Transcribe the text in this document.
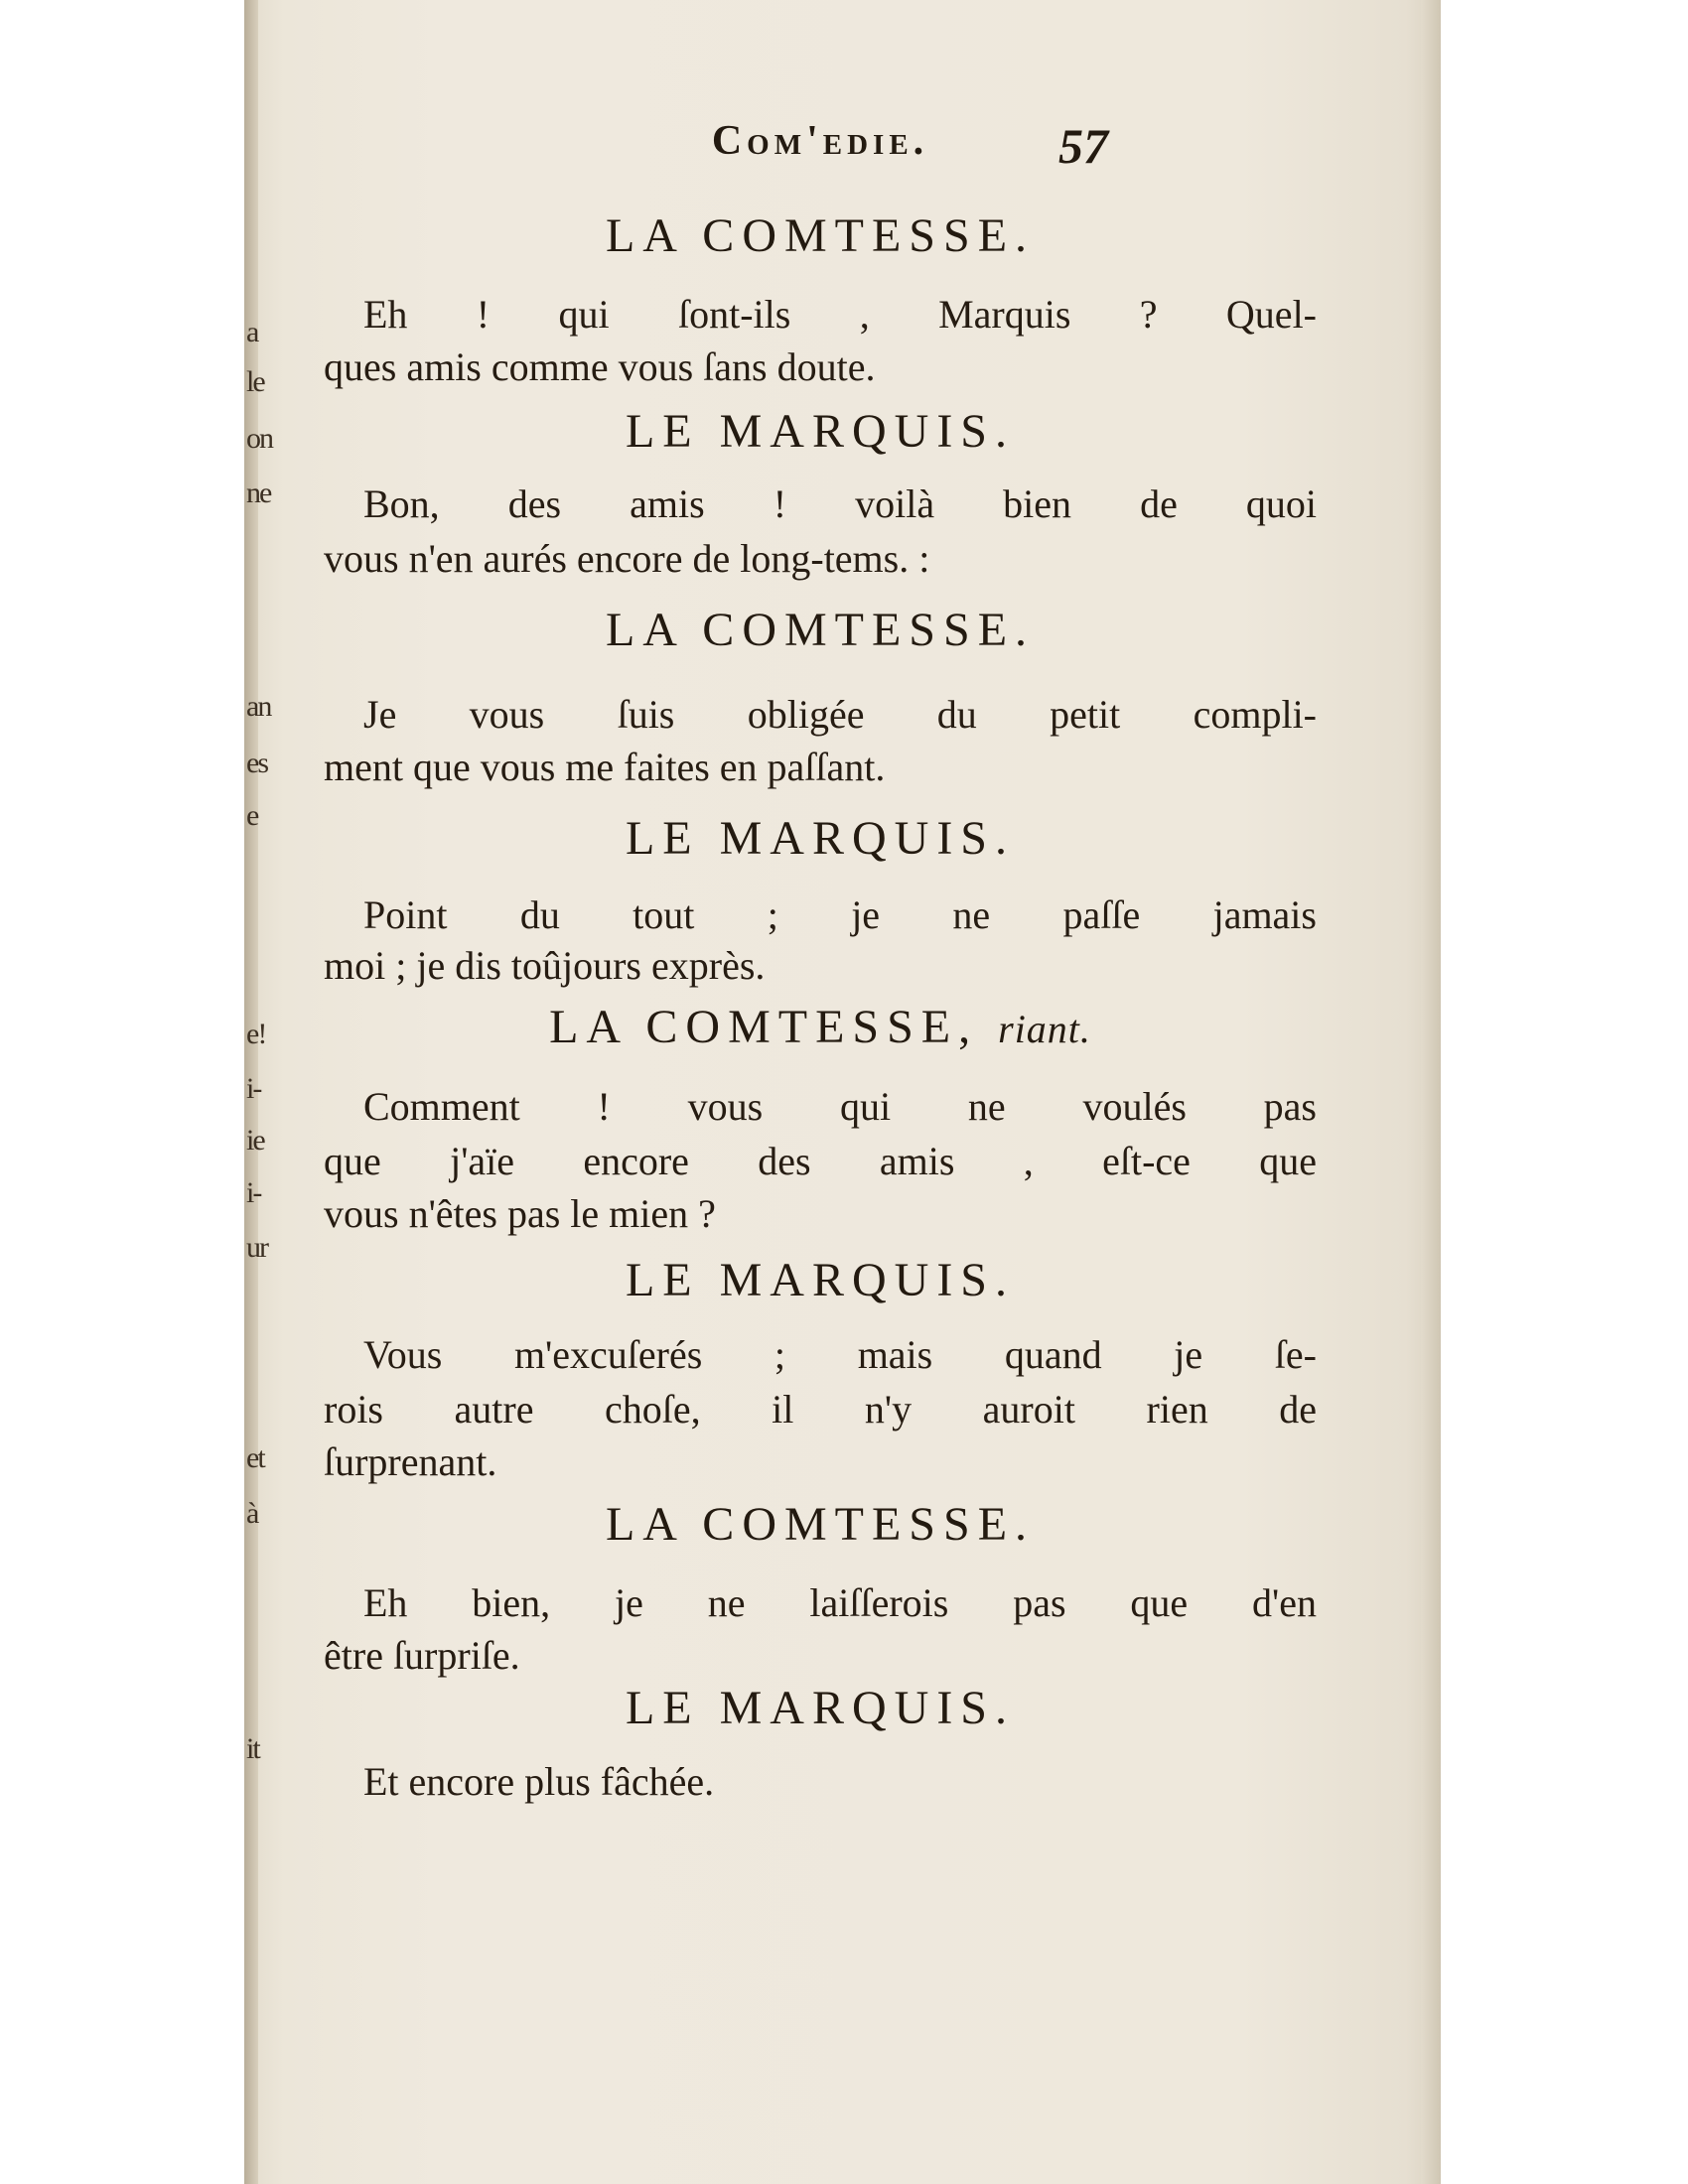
a
le
on
ne
an
es
e
e!
i-
ie
i-
ur
et
à
it
Com'edie.	57
LA COMTESSE.
Eh ! qui ſont-ils , Marquis ? Quel-
ques amis comme vous ſans doute.
LE MARQUIS.
Bon, des amis ! voilà bien de quoi
vous n'en aurés encore de long-tems. :
LA COMTESSE.
Je vous ſuis obligée du petit compli-
ment que vous me faites en paſſant.
LE MARQUIS.
Point du tout ; je ne paſſe jamais
moi ; je dis toûjours exprès.
LA COMTESSE, riant.
Comment ! vous qui ne voulés pas
que j'aïe encore des amis , eſt-ce que
vous n'êtes pas le mien ?
LE MARQUIS.
Vous m'excuſerés ; mais quand je ſe-
rois autre choſe, il n'y auroit rien de
ſurprenant.
LA COMTESSE.
Eh bien, je ne laiſſerois pas que d'en
être ſurpriſe.
LE MARQUIS.
Et encore plus fâchée.
